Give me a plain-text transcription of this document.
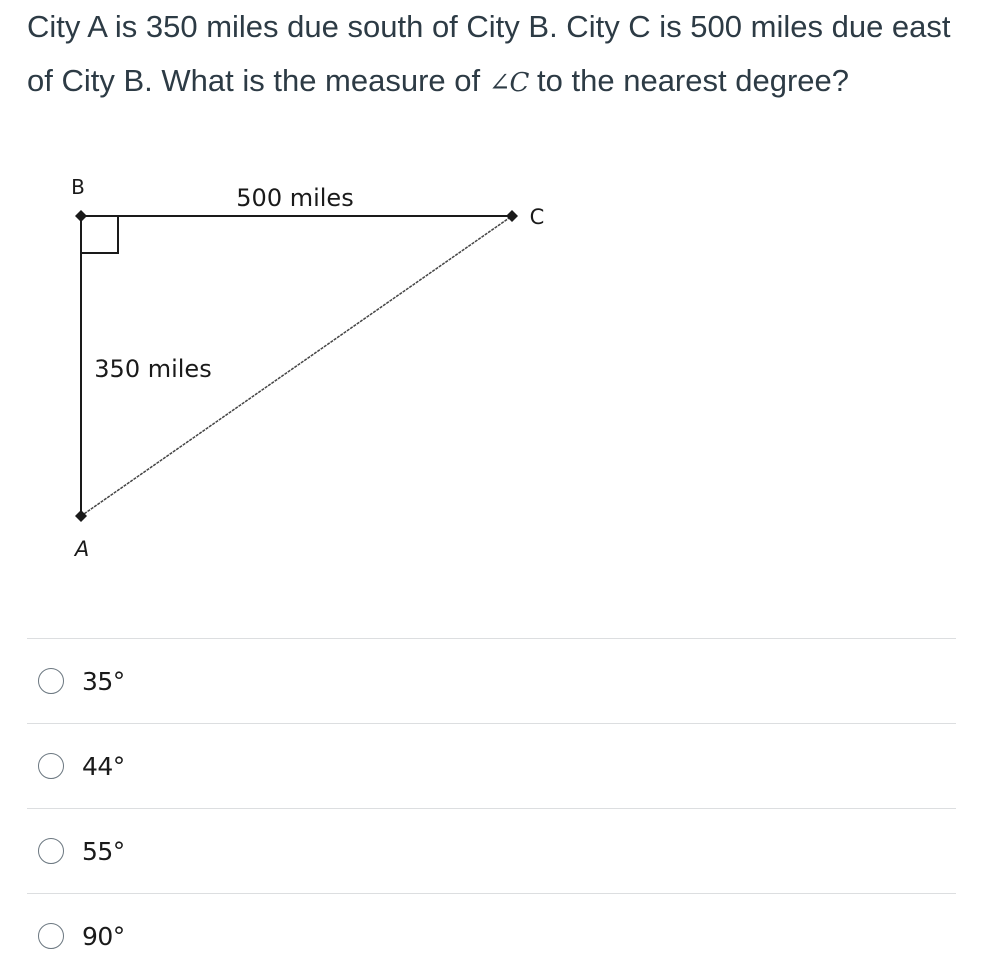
City A is 350 miles due south of City B. City C is 500 miles due east of City B. What is the measure of ∠C to the nearest degree?

B
C
A
500 miles
350 miles
35°
44°
55°
90°
